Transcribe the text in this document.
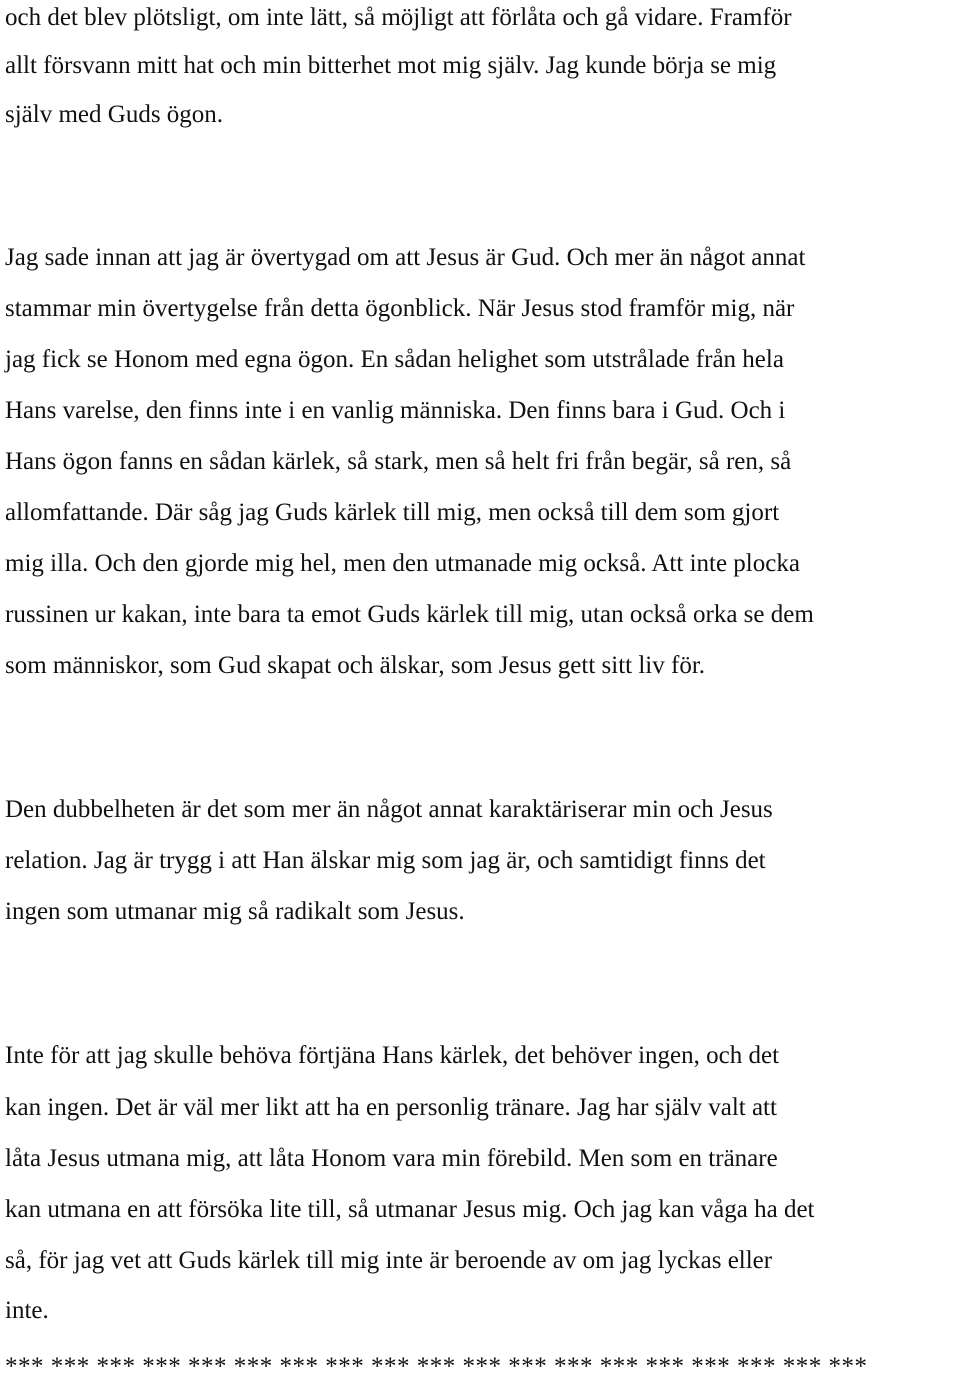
och det blev plötsligt, om inte lätt, så möjligt att förlåta och gå vidare. Framför
allt försvann mitt hat och min bitterhet mot mig själv. Jag kunde börja se mig
själv med Guds ögon.
Jag sade innan att jag är övertygad om att Jesus är Gud. Och mer än något annat
stammar min övertygelse från detta ögonblick. När Jesus stod framför mig, när
jag fick se Honom med egna ögon. En sådan helighet som utstrålade från hela
Hans varelse, den finns inte i en vanlig människa. Den finns bara i Gud. Och i
Hans ögon fanns en sådan kärlek, så stark, men så helt fri från begär, så ren, så
allomfattande. Där såg jag Guds kärlek till mig, men också till dem som gjort
mig illa. Och den gjorde mig hel, men den utmanade mig också. Att inte plocka
russinen ur kakan, inte bara ta emot Guds kärlek till mig, utan också orka se dem
som människor, som Gud skapat och älskar, som Jesus gett sitt liv för.
Den dubbelheten är det som mer än något annat karaktäriserar min och Jesus
relation. Jag är trygg i att Han älskar mig som jag är, och samtidigt finns det
ingen som utmanar mig så radikalt som Jesus.
Inte för att jag skulle behöva förtjäna Hans kärlek, det behöver ingen, och det
kan ingen. Det är väl mer likt att ha en personlig tränare. Jag har själv valt att
låta Jesus utmana mig, att låta Honom vara min förebild. Men som en tränare
kan utmana en att försöka lite till, så utmanar Jesus mig. Och jag kan våga ha det
så, för jag vet att Guds kärlek till mig inte är beroende av om jag lyckas eller
inte.
*** *** *** *** *** *** *** *** *** *** *** *** *** *** *** *** *** *** ***
